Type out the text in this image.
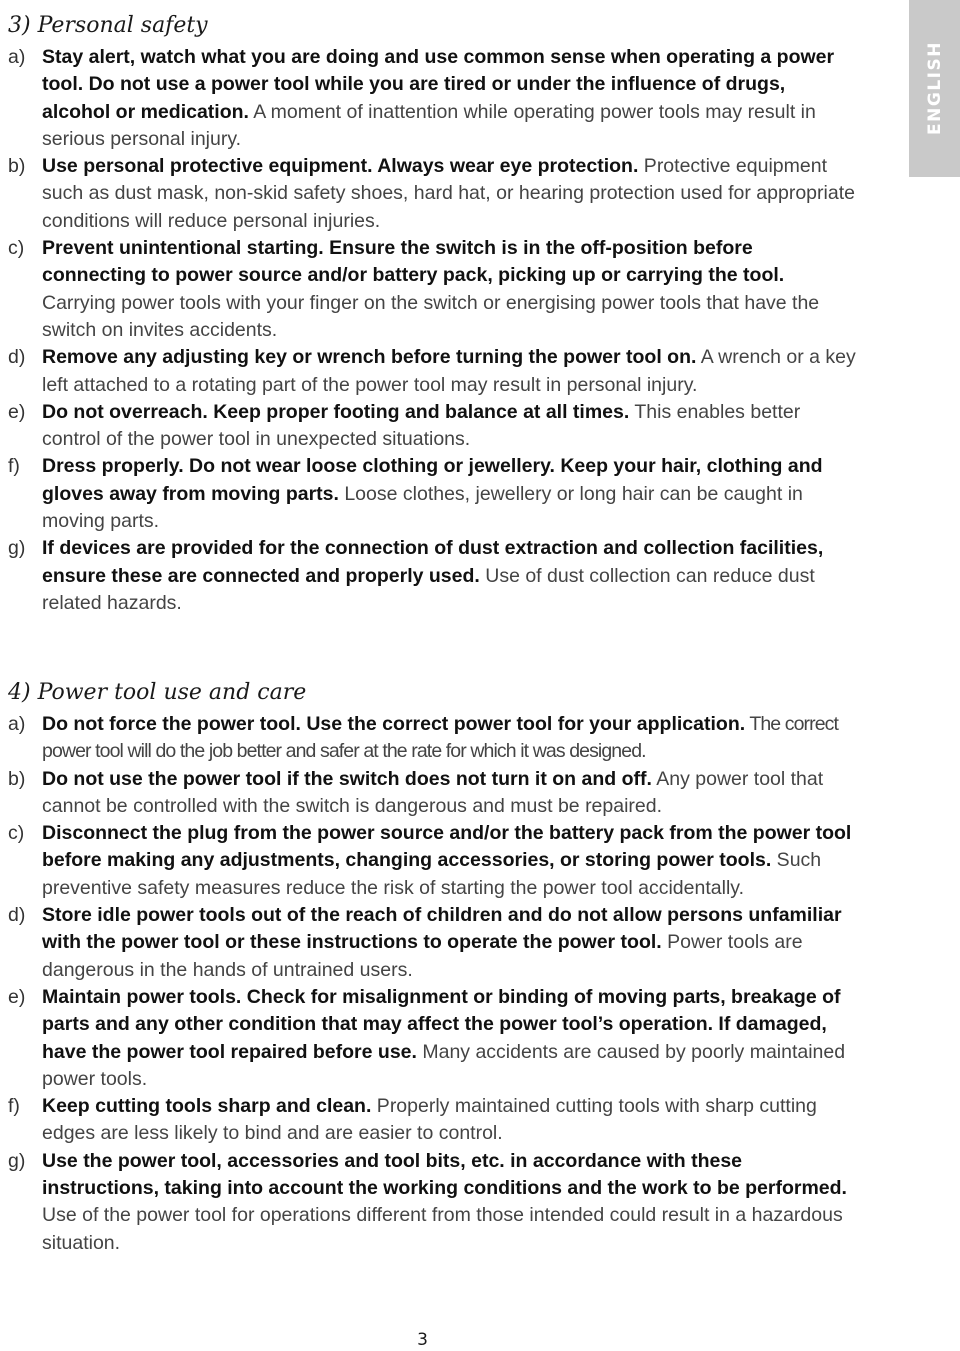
ENGLISH
3) Personal safety
a) Stay alert, watch what you are doing and use common sense when operating a power tool. Do not use a power tool while you are tired or under the influence of drugs, alcohol or medication. A moment of inattention while operating power tools may result in serious personal injury.
b) Use personal protective equipment. Always wear eye protection. Protective equipment such as dust mask, non-skid safety shoes, hard hat, or hearing protection used for appropriate conditions will reduce personal injuries.
c) Prevent unintentional starting. Ensure the switch is in the off-position before connecting to power source and/or battery pack, picking up or carrying the tool. Carrying power tools with your finger on the switch or energising power tools that have the switch on invites accidents.
d) Remove any adjusting key or wrench before turning the power tool on. A wrench or a key left attached to a rotating part of the power tool may result in personal injury.
e) Do not overreach. Keep proper footing and balance at all times. This enables better control of the power tool in unexpected situations.
f)	Dress properly. Do not wear loose clothing or jewellery. Keep your hair, clothing and gloves away from moving parts. Loose clothes, jewellery or long hair can be caught in moving parts.
g) If devices are provided for the connection of dust extraction and collection facilities, ensure these are connected and properly used. Use of dust collection can reduce dust related hazards.
4) Power tool use and care
a) Do not force the power tool. Use the correct power tool for your application. The correct power tool will do the job better and safer at the rate for which it was designed.
b) Do not use the power tool if the switch does not turn it on and off. Any power tool that cannot be controlled with the switch is dangerous and must be repaired.
c) Disconnect the plug from the power source and/or the battery pack from the power tool before making any adjustments, changing accessories, or storing power tools. Such preventive safety measures reduce the risk of starting the power tool accidentally.
d) Store idle power tools out of the reach of children and do not allow persons unfamiliar with the power tool or these instructions to operate the power tool. Power tools are dangerous in the hands of untrained users.
e) Maintain power tools. Check for misalignment or binding of moving parts, breakage of parts and any other condition that may affect the power tool’s operation. If damaged, have the power tool repaired before use. Many accidents are caused by poorly maintained power tools.
f)	Keep cutting tools sharp and clean. Properly maintained cutting tools with sharp cutting edges are less likely to bind and are easier to control.
g) Use the power tool, accessories and tool bits, etc. in accordance with these instructions, taking into account the working conditions and the work to be performed. Use of the power tool for operations different from those intended could result in a hazardous situation.
3
